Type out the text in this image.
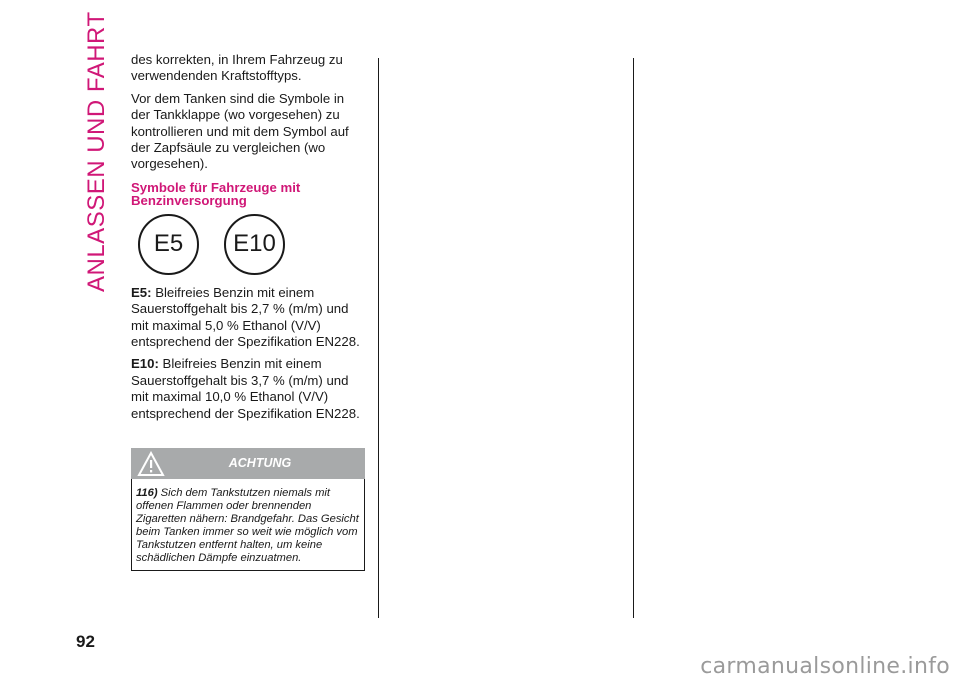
ANLASSEN UND FAHRT
92

des korrekten, in Ihrem Fahrzeug zu verwendenden Kraftstofftyps.

Vor dem Tanken sind die Symbole in der Tankklappe (wo vorgesehen) zu kontrollieren und mit dem Symbol auf der Zapfsäule zu vergleichen (wo vorgesehen).

Symbole für Fahrzeuge mit Benzinversorgung
E5 E10

E5: Bleifreies Benzin mit einem Sauerstoffgehalt bis 2,7 % (m/m) und mit maximal 5,0 % Ethanol (V/V) entsprechend der Spezifikation EN228.

E10: Bleifreies Benzin mit einem Sauerstoffgehalt bis 3,7 % (m/m) und mit maximal 10,0 % Ethanol (V/V) entsprechend der Spezifikation EN228.

ACHTUNG
116) Sich dem Tankstutzen niemals mit offenen Flammen oder brennenden Zigaretten nähern: Brandgefahr. Das Gesicht beim Tanken immer so weit wie möglich vom Tankstutzen entfernt halten, um keine schädlichen Dämpfe einzuatmen.
carmanualsonline.info
